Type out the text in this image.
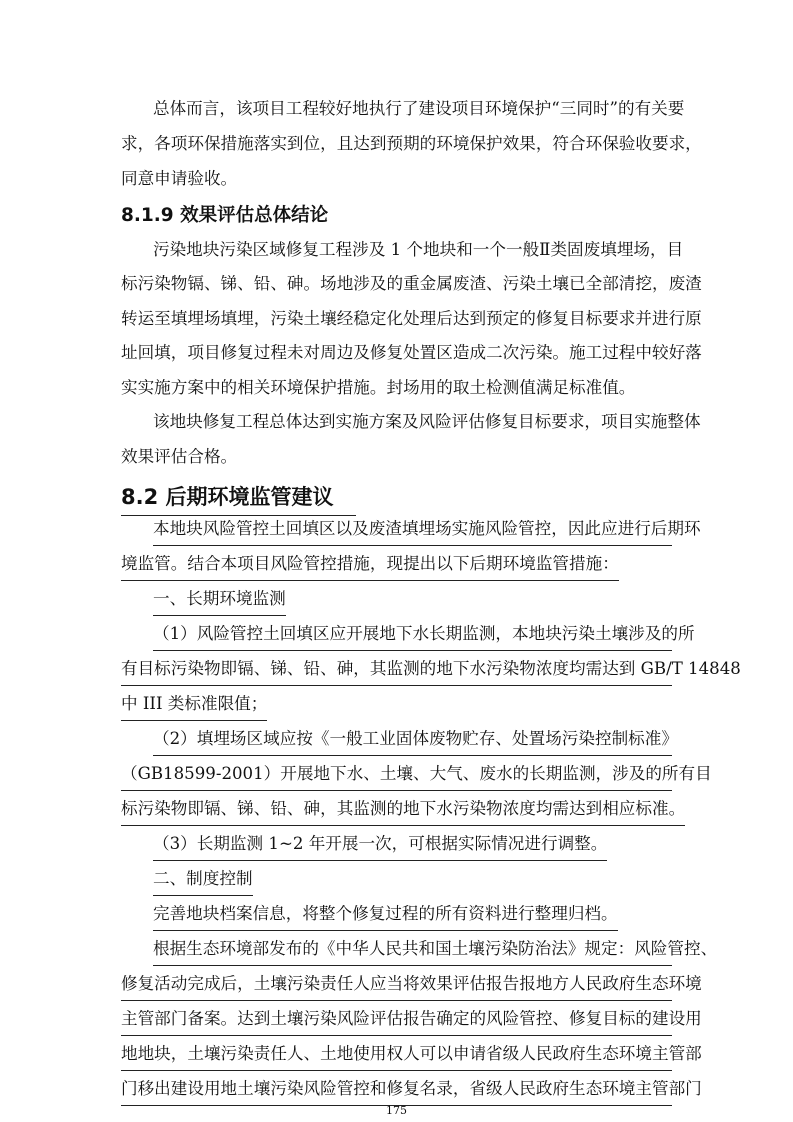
总体而言，该项目工程较好地执行了建设项目环境保护“三同时”的有关要
求，各项环保措施落实到位，且达到预期的环境保护效果，符合环保验收要求，
同意申请验收。
8.1.9 效果评估总体结论
污染地块污染区域修复工程涉及 1 个地块和一个一般Ⅱ类固废填埋场，目
标污染物镉、锑、铅、砷。场地涉及的重金属废渣、污染土壤已全部清挖，废渣
转运至填埋场填埋，污染土壤经稳定化处理后达到预定的修复目标要求并进行原
址回填，项目修复过程未对周边及修复处置区造成二次污染。施工过程中较好落
实实施方案中的相关环境保护措施。封场用的取土检测值满足标准值。
该地块修复工程总体达到实施方案及风险评估修复目标要求，项目实施整体
效果评估合格。
8.2 后期环境监管建议
本地块风险管控土回填区以及废渣填埋场实施风险管控，因此应进行后期环
境监管。结合本项目风险管控措施，现提出以下后期环境监管措施：
一、长期环境监测
（1）风险管控土回填区应开展地下水长期监测，本地块污染土壤涉及的所
有目标污染物即镉、锑、铅、砷，其监测的地下水污染物浓度均需达到 GB/T 14848
中 III 类标准限值；
（2）填埋场区域应按《一般工业固体废物贮存、处置场污染控制标准》
（GB18599-2001）开展地下水、土壤、大气、废水的长期监测，涉及的所有目
标污染物即镉、锑、铅、砷，其监测的地下水污染物浓度均需达到相应标准。
（3）长期监测 1~2 年开展一次，可根据实际情况进行调整。
二、制度控制
完善地块档案信息，将整个修复过程的所有资料进行整理归档。
根据生态环境部发布的《中华人民共和国土壤污染防治法》规定：风险管控、
修复活动完成后，土壤污染责任人应当将效果评估报告报地方人民政府生态环境
主管部门备案。达到土壤污染风险评估报告确定的风险管控、修复目标的建设用
地地块，土壤污染责任人、土地使用权人可以申请省级人民政府生态环境主管部
门移出建设用地土壤污染风险管控和修复名录，省级人民政府生态环境主管部门
175
